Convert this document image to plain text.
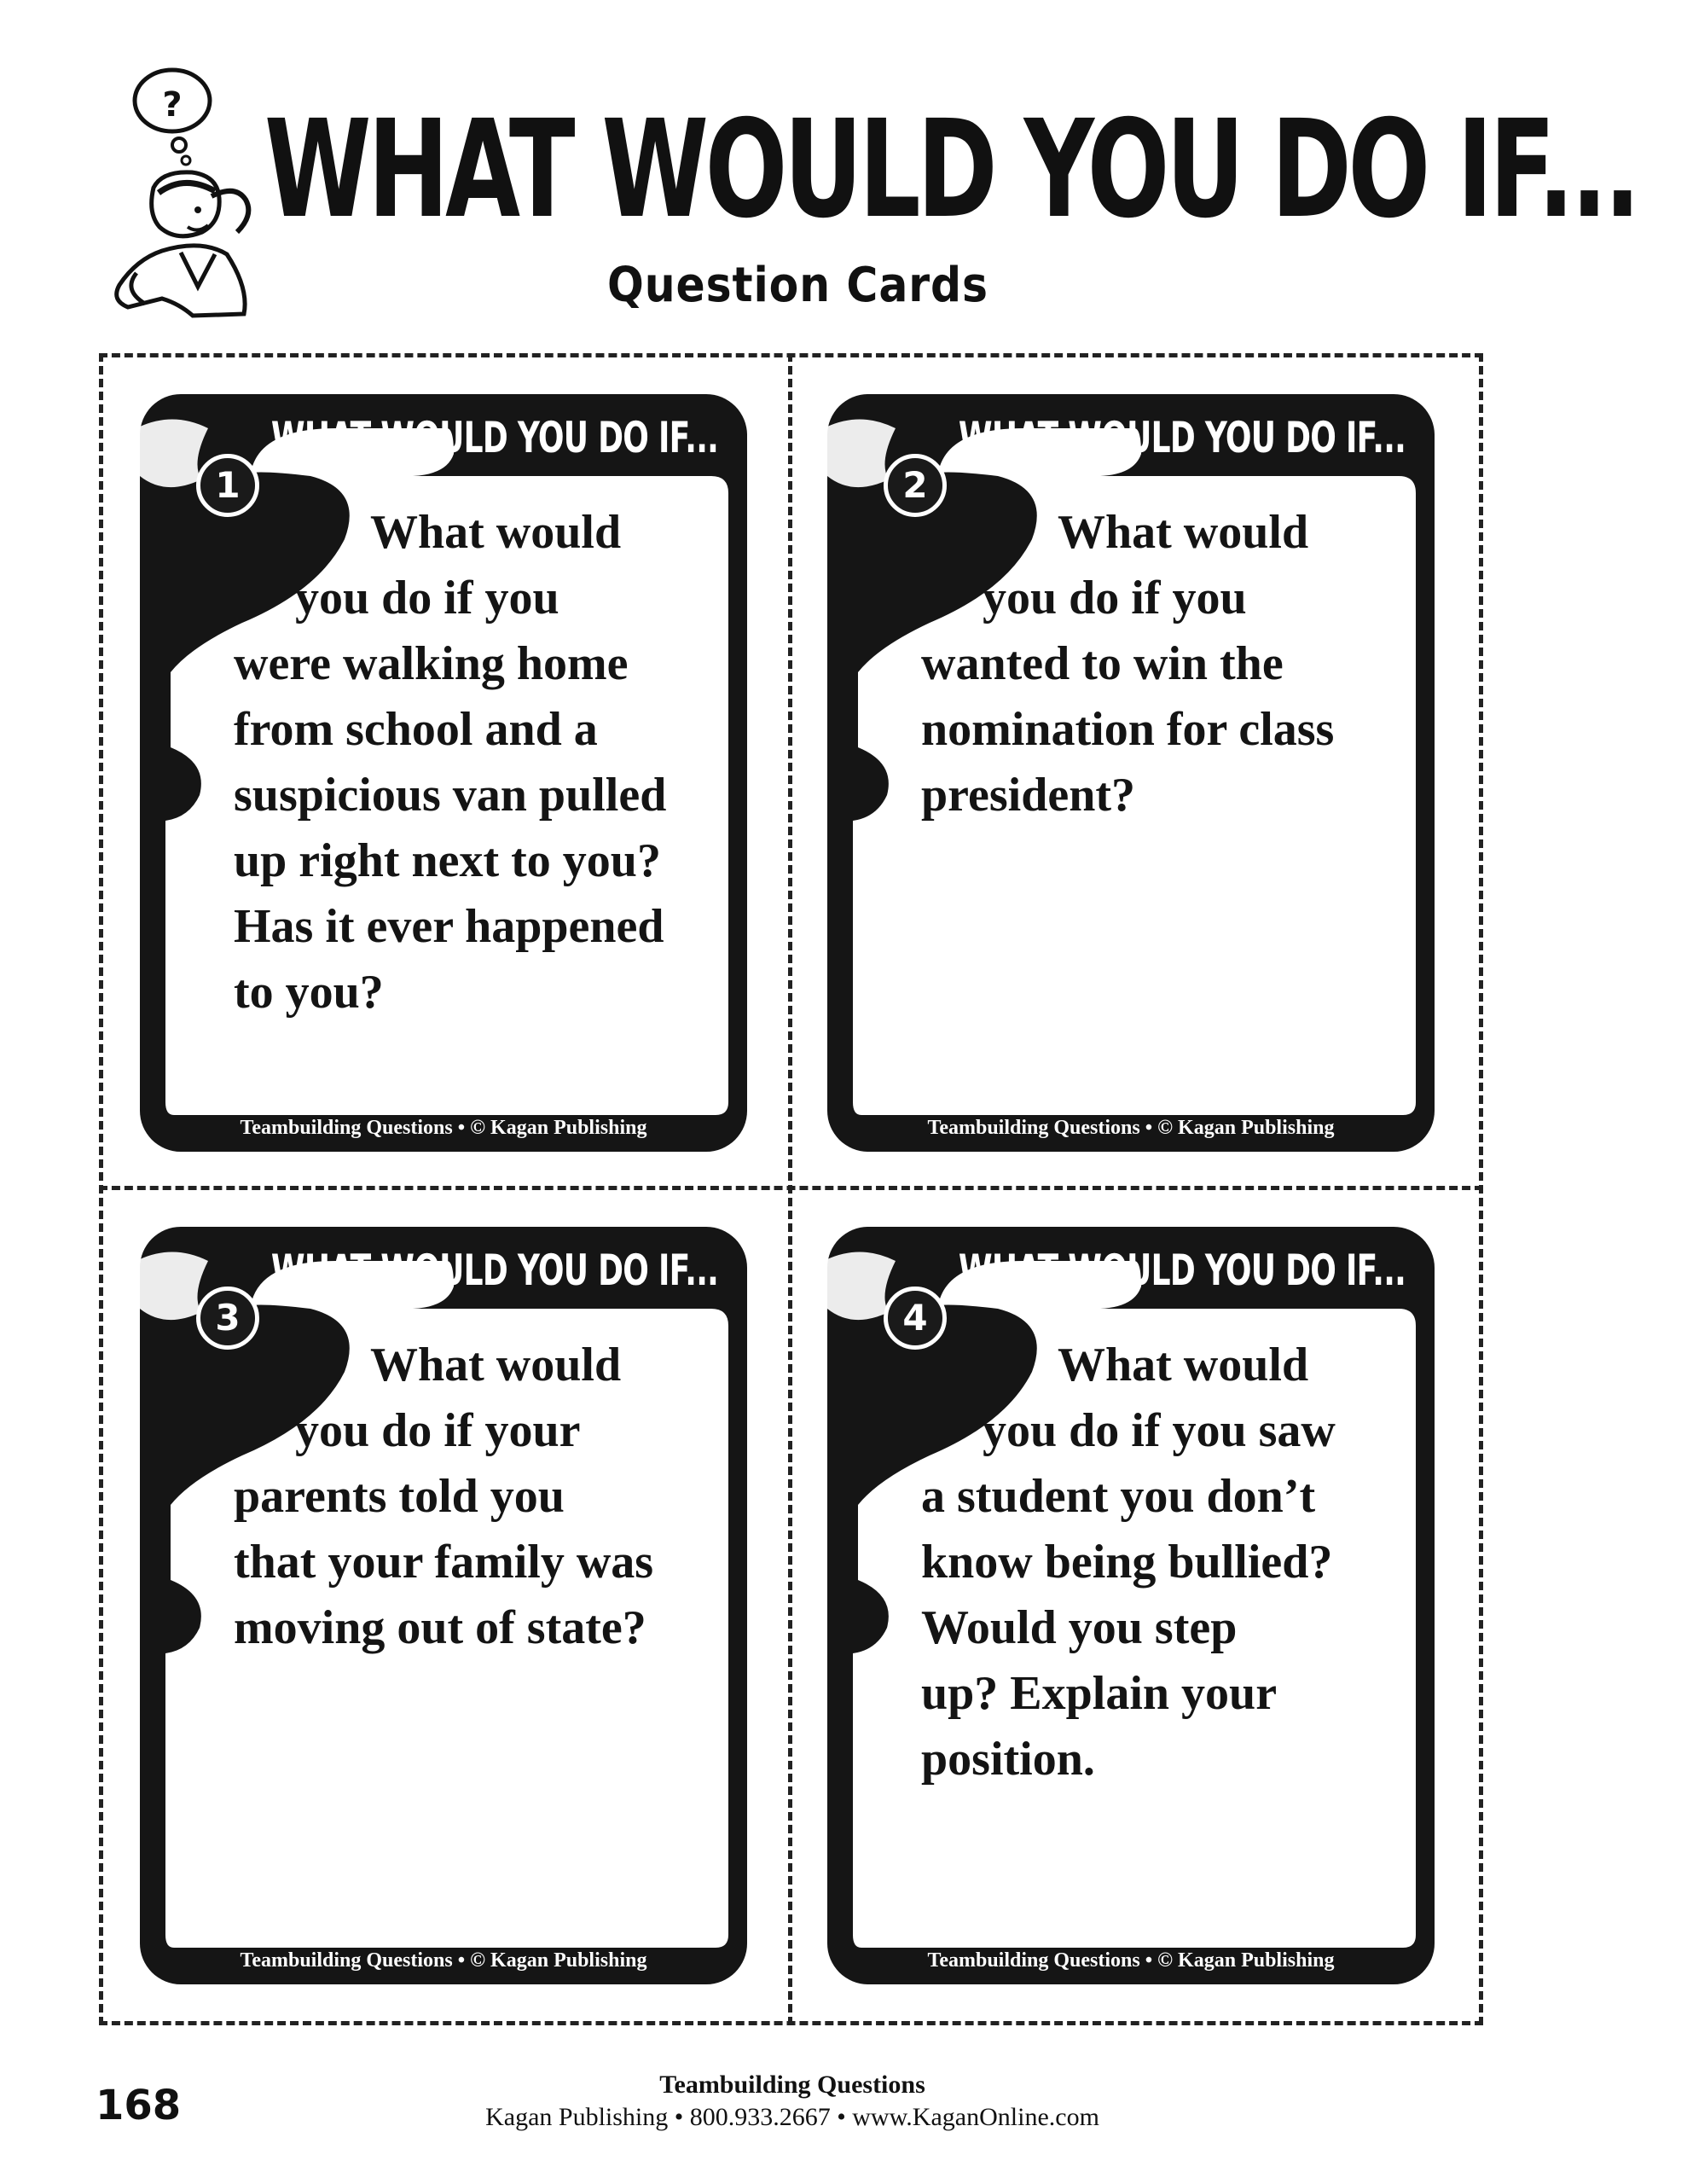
? WHAT WOULD YOU DO IF...
Question Cards
WHAT WOULD YOU DO IF...
1

What would
you do if you
were walking home
from school and a
suspicious van pulled
up right next to you?
Has it ever happened
to you?

Teambuilding Questions • © Kagan Publishing
WHAT WOULD YOU DO IF...
2

What would
you do if you
wanted to win the
nomination for class
president?

Teambuilding Questions • © Kagan Publishing
WHAT WOULD YOU DO IF...
3

What would
you do if your
parents told you
that your family was
moving out of state?

Teambuilding Questions • © Kagan Publishing
WHAT WOULD YOU DO IF...
4

What would
you do if you saw
a student you don’t
know being bullied?
Would you step
up? Explain your
position.

Teambuilding Questions • © Kagan Publishing
168	Teambuilding Questions
Kagan Publishing • 800.933.2667 • www.KaganOnline.com
